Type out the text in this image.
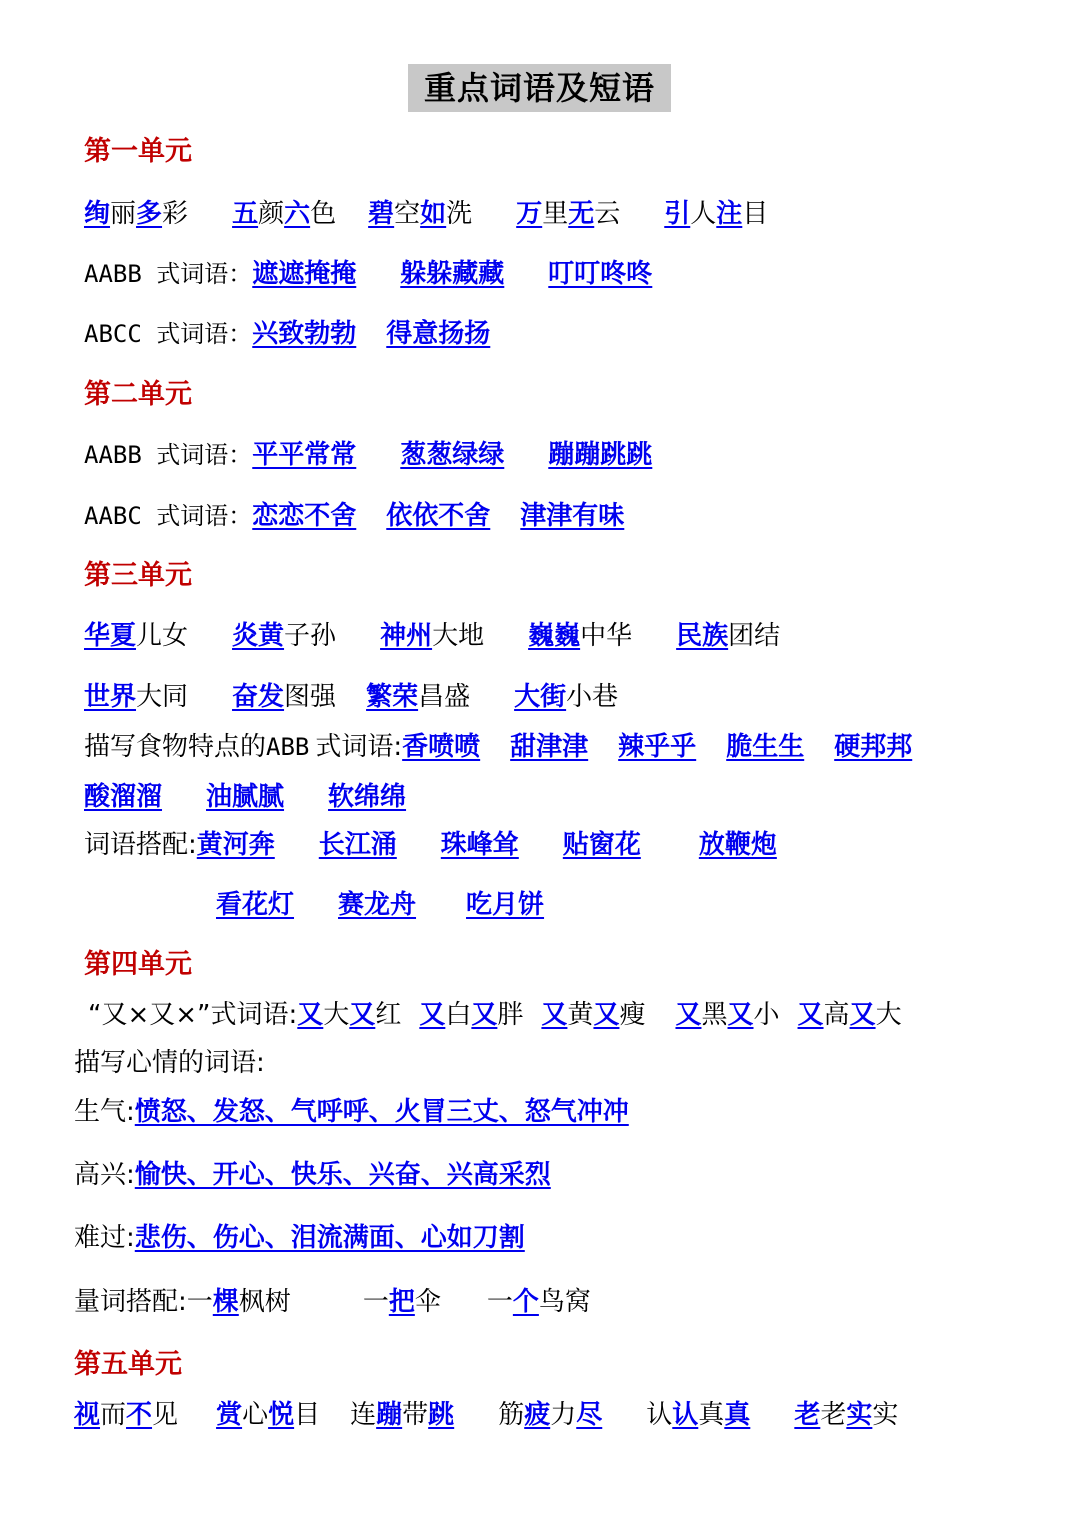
重点词语及短语
第一单元
绚丽多彩 五颜六色 碧空如洗 万里无云 引人注目
AABB 式词语：遮遮掩掩 躲躲藏藏 叮叮咚咚
ABCC 式词语：兴致勃勃 得意扬扬
第二单元
AABB 式词语：平平常常 葱葱绿绿 蹦蹦跳跳
AABC 式词语：恋恋不舍 依依不舍 津津有味
第三单元
华夏儿女 炎黄子孙 神州大地 巍巍中华 民族团结
世界大同 奋发图强 繁荣昌盛 大街小巷
描写食物特点的ABB 式词语:香喷喷 甜津津 辣乎乎 脆生生 硬邦邦
酸溜溜 油腻腻 软绵绵
词语搭配:黄河奔 长江涌 珠峰耸 贴窗花 放鞭炮
看花灯 赛龙舟 吃月饼
第四单元
“又×又×”式词语:又大又红 又白又胖 又黄又瘦 又黑又小 又高又大
描写心情的词语:
生气:愤怒、发怒、气呼呼、火冒三丈、怒气冲冲
高兴:愉快、开心、快乐、兴奋、兴高采烈
难过:悲伤、伤心、泪流满面、心如刀割
量词搭配:一棵枫树	一把伞 一个鸟窝
第五单元
视而不见 赏心悦目 连蹦带跳 筋疲力尽 认认真真 老老实实
